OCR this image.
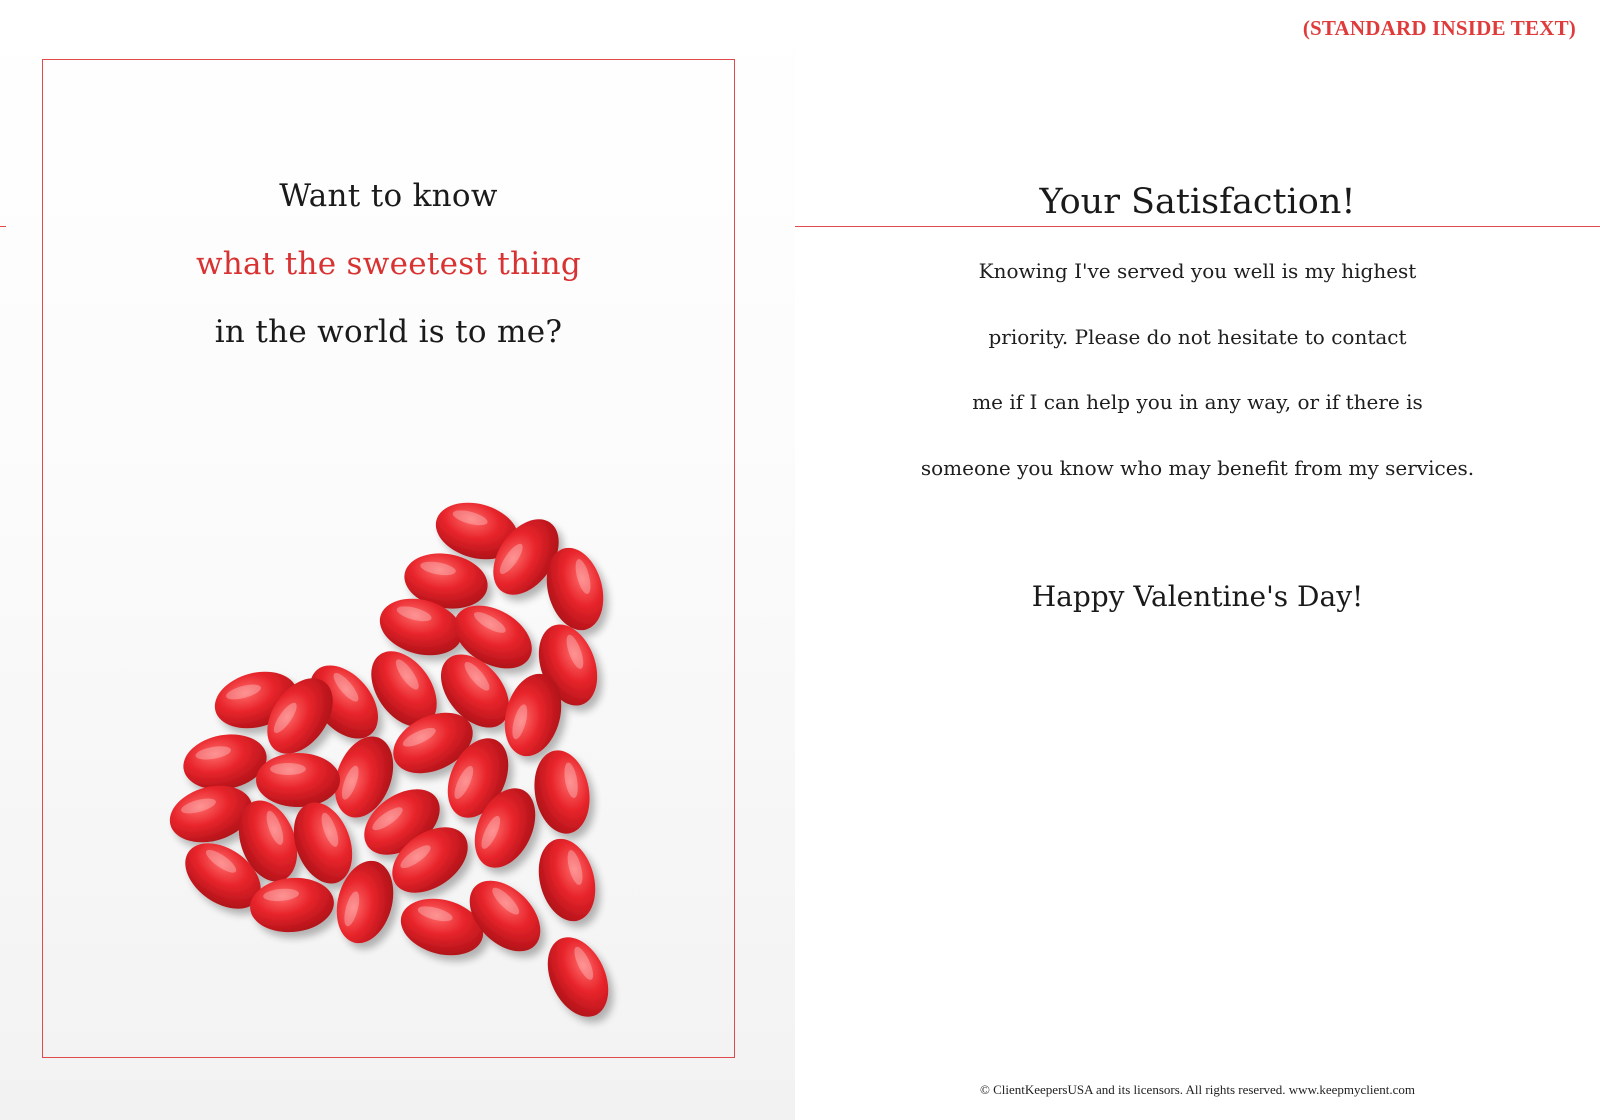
Want to know
what the sweetest thing
in the world is to me?
(STANDARD INSIDE TEXT)
Your Satisfaction!
Knowing I've served you well is my highest
priority. Please do not hesitate to contact
me if I can help you in any way, or if there is
someone you know who may benefit from my services.
Happy Valentine's Day!
© ClientKeepersUSA and its licensors. All rights reserved. www.keepmyclient.com
